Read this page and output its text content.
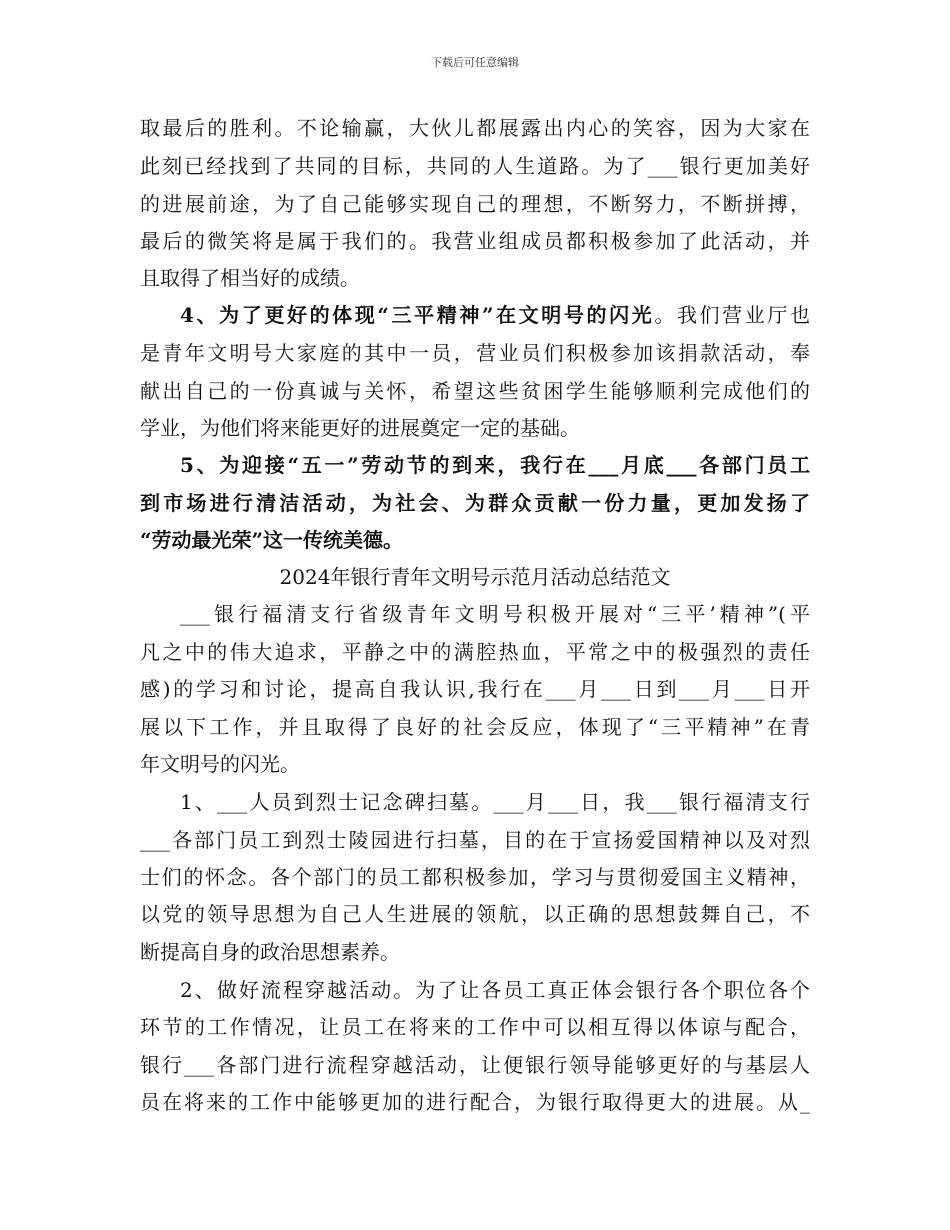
下载后可任意编辑
取最后的胜利。不论输赢，大伙儿都展露出内心的笑容，因为大家在
此刻已经找到了共同的目标，共同的人生道路。为了___银行更加美好
的进展前途，为了自己能够实现自己的理想，不断努力，不断拼搏，
最后的微笑将是属于我们的。我营业组成员都积极参加了此活动，并
且取得了相当好的成绩。
4、为了更好的体现“三平精神”在文明号的闪光。我们营业厅也
是青年文明号大家庭的其中一员，营业员们积极参加该捐款活动，奉
献出自己的一份真诚与关怀，希望这些贫困学生能够顺利完成他们的
学业，为他们将来能更好的进展奠定一定的基础。
5、为迎接“五一”劳动节的到来，我行在___月底___各部门员工
到市场进行清洁活动，为社会、为群众贡献一份力量，更加发扬了
“劳动最光荣”这一传统美德。
2024年银行青年文明号示范月活动总结范文
___银行福清支行省级青年文明号积极开展对“三平’精神”(平
凡之中的伟大追求，平静之中的满腔热血，平常之中的极强烈的责任
感)的学习和讨论，提高自我认识,我行在___月___日到___月___日开
展以下工作，并且取得了良好的社会反应，体现了“三平精神”在青
年文明号的闪光。
1、___人员到烈士记念碑扫墓。___月___日，我___银行福清支行
___各部门员工到烈士陵园进行扫墓，目的在于宣扬爱国精神以及对烈
士们的怀念。各个部门的员工都积极参加，学习与贯彻爱国主义精神，
以党的领导思想为自己人生进展的领航，以正确的思想鼓舞自己，不
断提高自身的政治思想素养。
2、做好流程穿越活动。为了让各员工真正体会银行各个职位各个
环节的工作情况，让员工在将来的工作中可以相互得以体谅与配合，
银行___各部门进行流程穿越活动，让便银行领导能够更好的与基层人
员在将来的工作中能够更加的进行配合，为银行取得更大的进展。从_
